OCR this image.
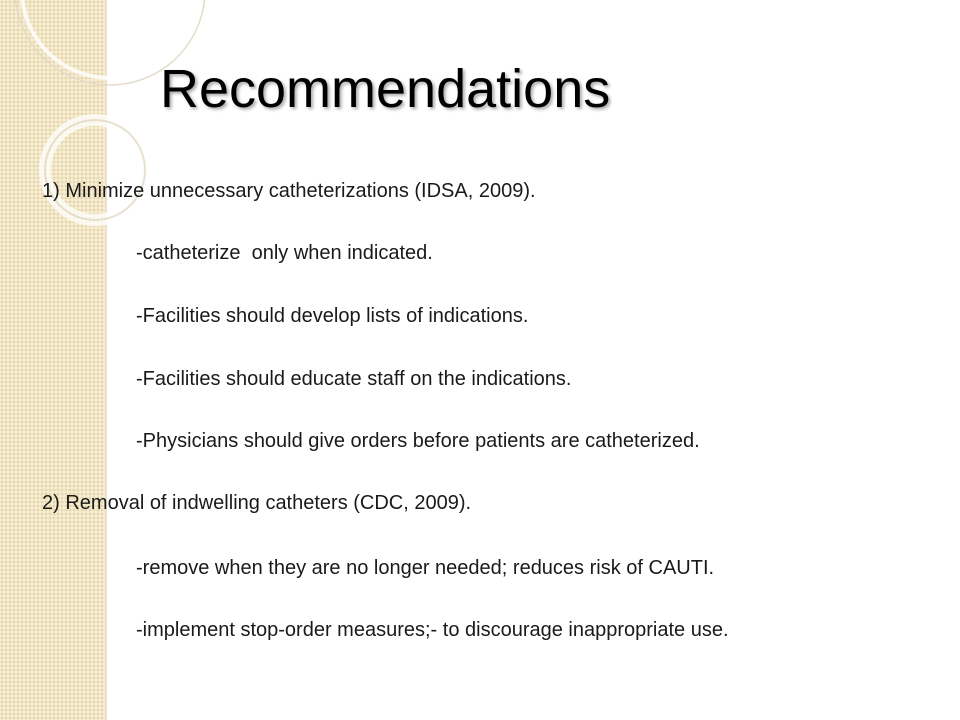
Recommendations

1) Minimize unnecessary catheterizations (IDSA, 2009).

-catheterize  only when indicated.

-Facilities should develop lists of indications.

-Facilities should educate staff on the indications.

-Physicians should give orders before patients are catheterized.

2) Removal of indwelling catheters (CDC, 2009).

-remove when they are no longer needed; reduces risk of CAUTI.

-implement stop-order measures;- to discourage inappropriate use.
